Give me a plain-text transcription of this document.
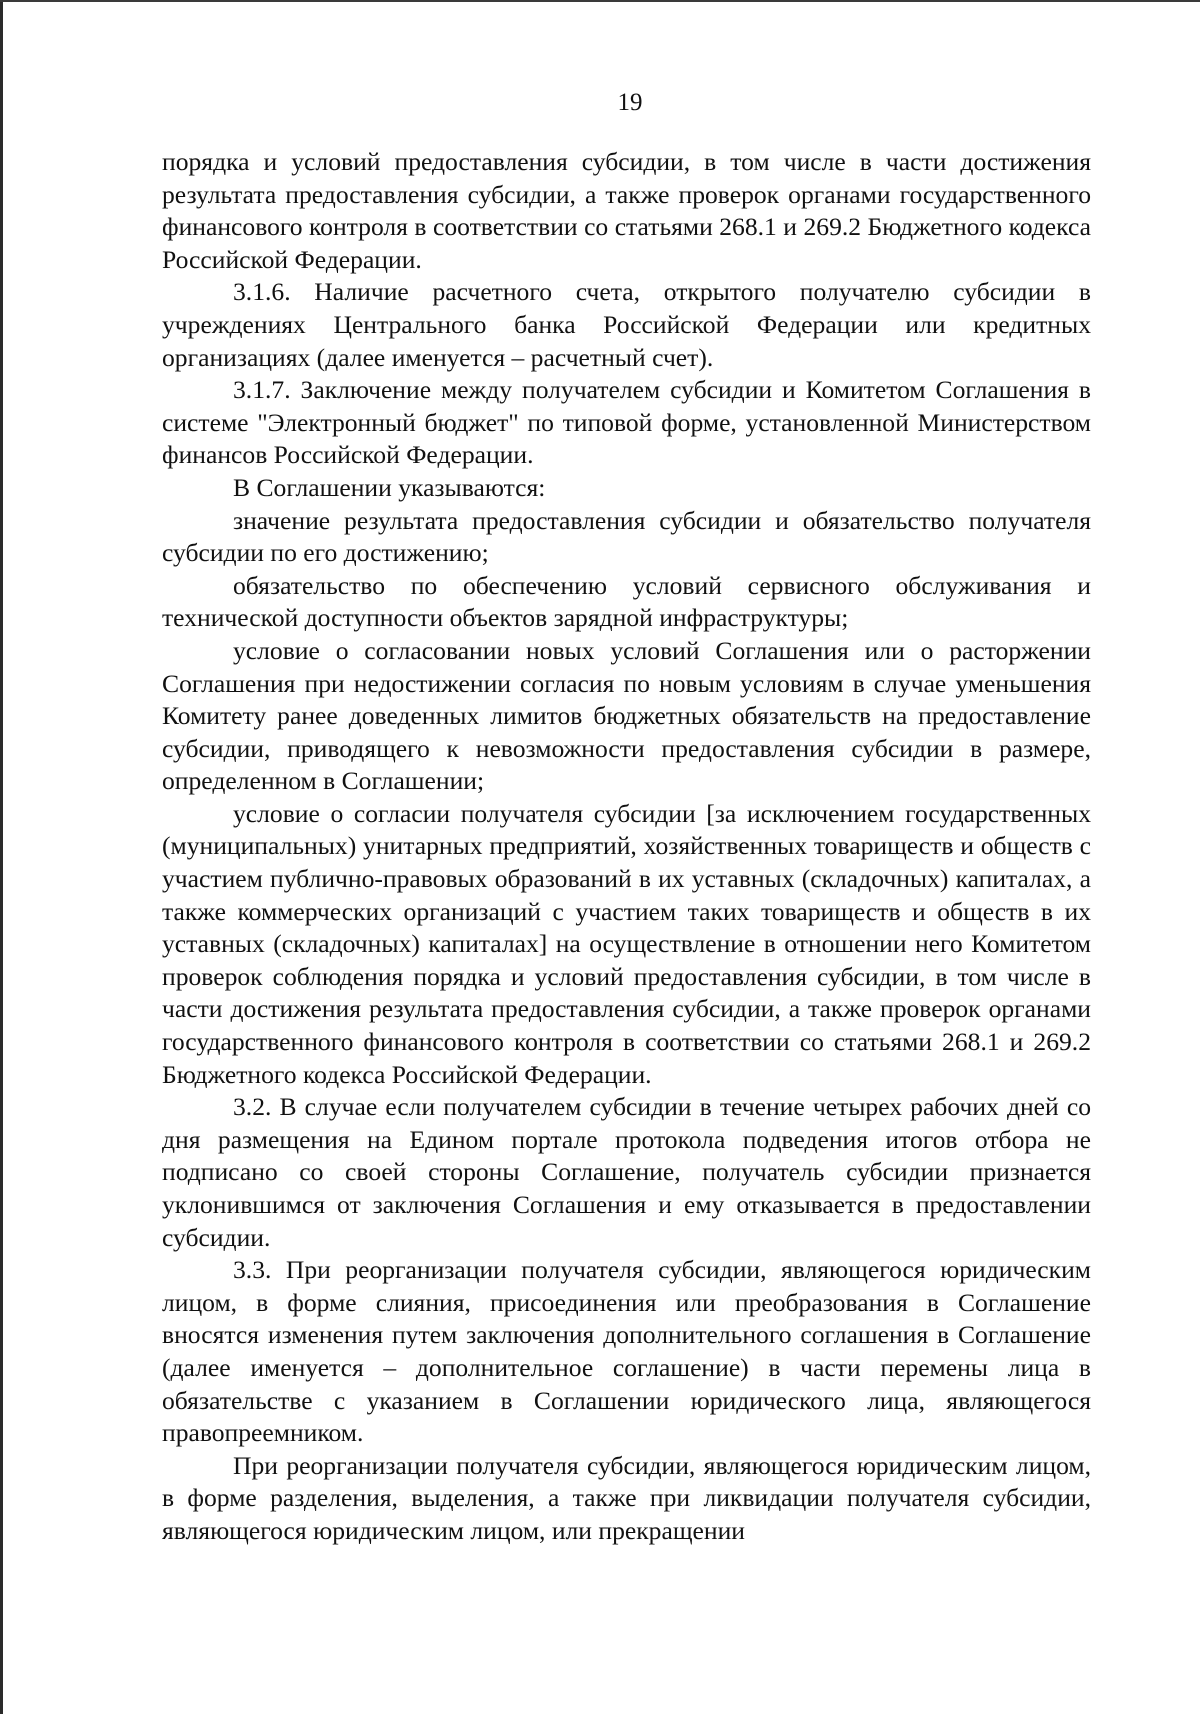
19

порядка и условий предоставления субсидии, в том числе в части достижения результата предоставления субсидии, а также проверок органами государственного финансового контроля в соответствии со статьями 268.1 и 269.2 Бюджетного кодекса Российской Федерации.

3.1.6. Наличие расчетного счета, открытого получателю субсидии в учреждениях Центрального банка Российской Федерации или кредитных организациях (далее именуется – расчетный счет).

3.1.7. Заключение между получателем субсидии и Комитетом Соглашения в системе "Электронный бюджет" по типовой форме, установленной Министерством финансов Российской Федерации.

В Соглашении указываются:

значение результата предоставления субсидии и обязательство получателя субсидии по его достижению;

обязательство по обеспечению условий сервисного обслуживания и технической доступности объектов зарядной инфраструктуры;

условие о согласовании новых условий Соглашения или о расторжении Соглашения при недостижении согласия по новым условиям в случае уменьшения Комитету ранее доведенных лимитов бюджетных обязательств на предоставление субсидии, приводящего к невозможности предоставления субсидии в размере, определенном в Соглашении;

условие о согласии получателя субсидии [за исключением государственных (муниципальных) унитарных предприятий, хозяйственных товариществ и обществ с участием публично-правовых образований в их уставных (складочных) капиталах, а также коммерческих организаций с участием таких товариществ и обществ в их уставных (складочных) капиталах] на осуществление в отношении него Комитетом проверок соблюдения порядка и условий предоставления субсидии, в том числе в части достижения результата предоставления субсидии, а также проверок органами государственного финансового контроля в соответствии со статьями 268.1 и 269.2 Бюджетного кодекса Российской Федерации.

3.2. В случае если получателем субсидии в течение четырех рабочих дней со дня размещения на Едином портале протокола подведения итогов отбора не подписано со своей стороны Соглашение, получатель субсидии признается уклонившимся от заключения Соглашения и ему отказывается в предоставлении субсидии.

3.3. При реорганизации получателя субсидии, являющегося юридическим лицом, в форме слияния, присоединения или преобразования в Соглашение вносятся изменения путем заключения дополнительного соглашения в Соглашение (далее именуется – дополнительное соглашение) в части перемены лица в обязательстве с указанием в Соглашении юридического лица, являющегося правопреемником.

При реорганизации получателя субсидии, являющегося юридическим лицом, в форме разделения, выделения, а также при ликвидации получателя субсидии, являющегося юридическим лицом, или прекращении
